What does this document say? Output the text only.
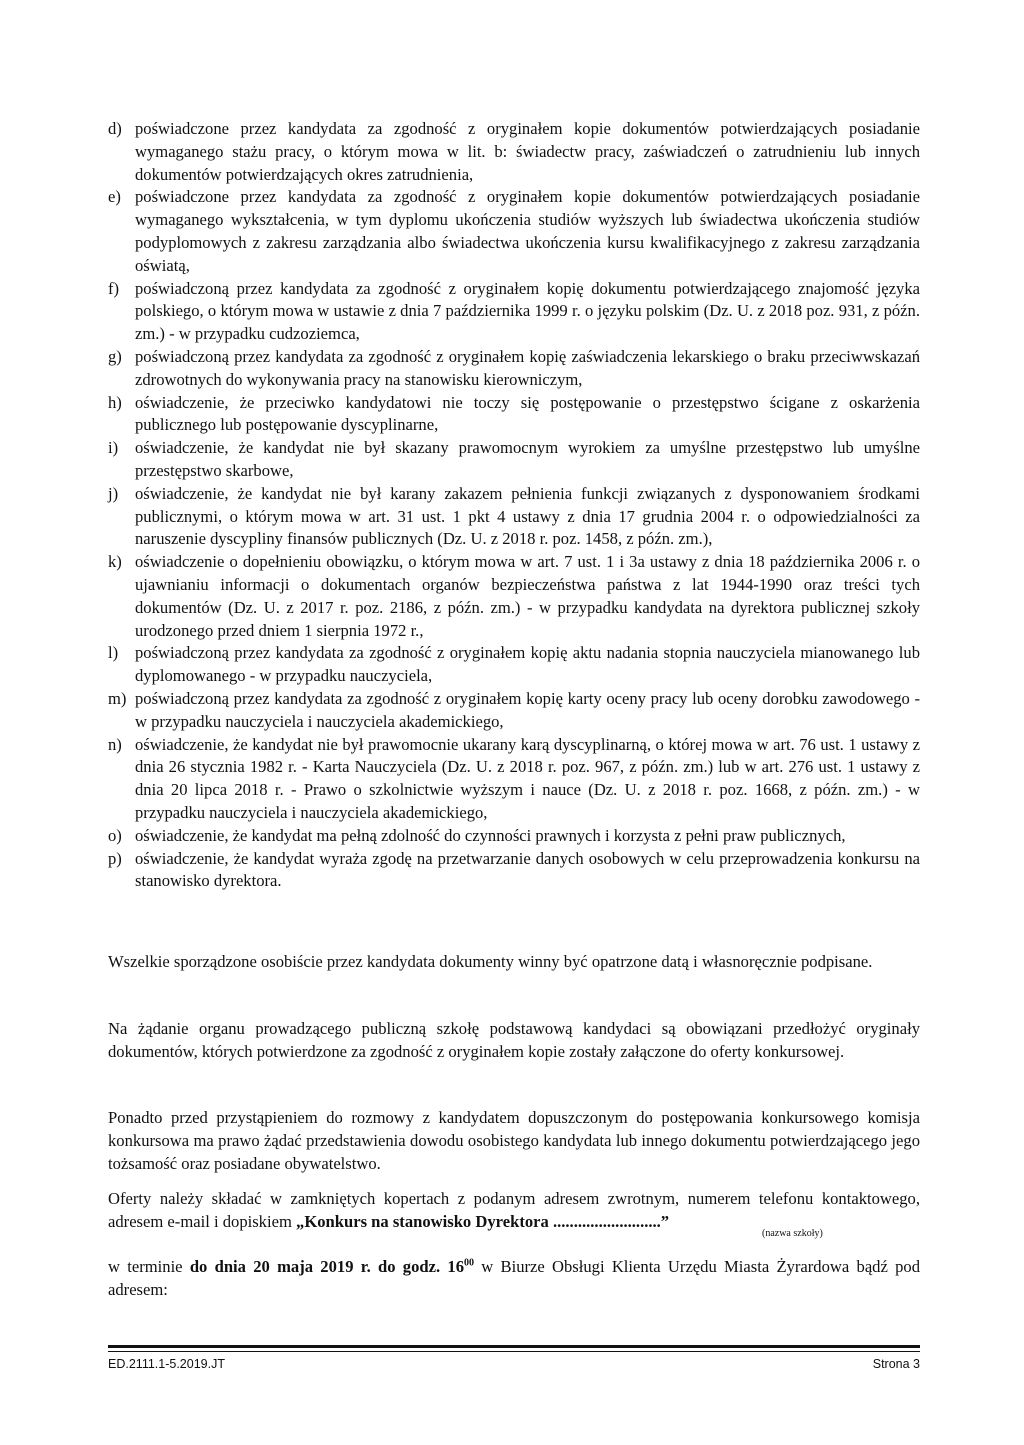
d) poświadczone przez kandydata za zgodność z oryginałem kopie dokumentów potwierdzających posiadanie wymaganego stażu pracy, o którym mowa w lit. b: świadectw pracy, zaświadczeń o zatrudnieniu lub innych dokumentów potwierdzających okres zatrudnienia,
e) poświadczone przez kandydata za zgodność z oryginałem kopie dokumentów potwierdzających posiadanie wymaganego wykształcenia, w tym dyplomu ukończenia studiów wyższych lub świadectwa ukończenia studiów podyplomowych z zakresu zarządzania albo świadectwa ukończenia kursu kwalifikacyjnego z zakresu zarządzania oświatą,
f) poświadczoną przez kandydata za zgodność z oryginałem kopię dokumentu potwierdzającego znajomość języka polskiego, o którym mowa w ustawie z dnia 7 października 1999 r. o języku polskim (Dz. U. z 2018 poz. 931, z późn. zm.) - w przypadku cudzoziemca,
g) poświadczoną przez kandydata za zgodność z oryginałem kopię zaświadczenia lekarskiego o braku przeciwwskazań zdrowotnych do wykonywania pracy na stanowisku kierowniczym,
h) oświadczenie, że przeciwko kandydatowi nie toczy się postępowanie o przestępstwo ścigane z oskarżenia publicznego lub postępowanie dyscyplinarne,
i)	oświadczenie, że kandydat nie był skazany prawomocnym wyrokiem za umyślne przestępstwo lub umyślne przestępstwo skarbowe,
j)	oświadczenie, że kandydat nie był karany zakazem pełnienia funkcji związanych z dysponowaniem środkami publicznymi, o którym mowa w art. 31 ust. 1 pkt 4 ustawy z dnia 17 grudnia 2004 r. o odpowiedzialności za naruszenie dyscypliny finansów publicznych (Dz. U. z 2018 r. poz. 1458, z późn. zm.),
k) oświadczenie o dopełnieniu obowiązku, o którym mowa w art. 7 ust. 1 i 3a ustawy z dnia 18 października 2006 r. o ujawnianiu informacji o dokumentach organów bezpieczeństwa państwa z lat 1944-1990 oraz treści tych dokumentów (Dz. U. z 2017 r. poz. 2186, z późn. zm.) - w przypadku kandydata na dyrektora publicznej szkoły urodzonego przed dniem 1 sierpnia 1972 r.,
l)	poświadczoną przez kandydata za zgodność z oryginałem kopię aktu nadania stopnia nauczyciela mianowanego lub dyplomowanego - w przypadku nauczyciela,
m) poświadczoną przez kandydata za zgodność z oryginałem kopię karty oceny pracy lub oceny dorobku zawodowego - w przypadku nauczyciela i nauczyciela akademickiego,
n) oświadczenie, że kandydat nie był prawomocnie ukarany karą dyscyplinarną, o której mowa w art. 76 ust. 1 ustawy z dnia 26 stycznia 1982 r. - Karta Nauczyciela (Dz. U. z 2018 r. poz. 967, z późn. zm.) lub w art. 276 ust. 1 ustawy z dnia 20 lipca 2018 r. - Prawo o szkolnictwie wyższym i nauce (Dz. U. z 2018 r. poz. 1668, z późn. zm.) - w przypadku nauczyciela i nauczyciela akademickiego,
o) oświadczenie, że kandydat ma pełną zdolność do czynności prawnych i korzysta z pełni praw publicznych,
p) oświadczenie, że kandydat wyraża zgodę na przetwarzanie danych osobowych w celu przeprowadzenia konkursu na stanowisko dyrektora.
Wszelkie sporządzone osobiście przez kandydata dokumenty winny być opatrzone datą i własnoręcznie podpisane.
Na żądanie organu prowadzącego publiczną szkołę podstawową kandydaci są obowiązani przedłożyć oryginały dokumentów, których potwierdzone za zgodność z oryginałem kopie zostały załączone do oferty konkursowej.
Ponadto przed przystąpieniem do rozmowy z kandydatem dopuszczonym do postępowania konkursowego komisja konkursowa ma prawo żądać przedstawienia dowodu osobistego kandydata lub innego dokumentu potwierdzającego jego tożsamość oraz posiadane obywatelstwo.
Oferty należy składać w zamkniętych kopertach z podanym adresem zwrotnym, numerem telefonu kontaktowego, adresem e-mail i dopiskiem „Konkurs na stanowisko Dyrektora ..........................”
w terminie do dnia 20 maja 2019 r. do godz. $16^{00}$ w Biurze Obsługi Klienta Urzędu Miasta Żyrardowa bądź pod adresem:
(nazwa szkoły)
ED.2111.1-5.2019.JT	Strona 3
